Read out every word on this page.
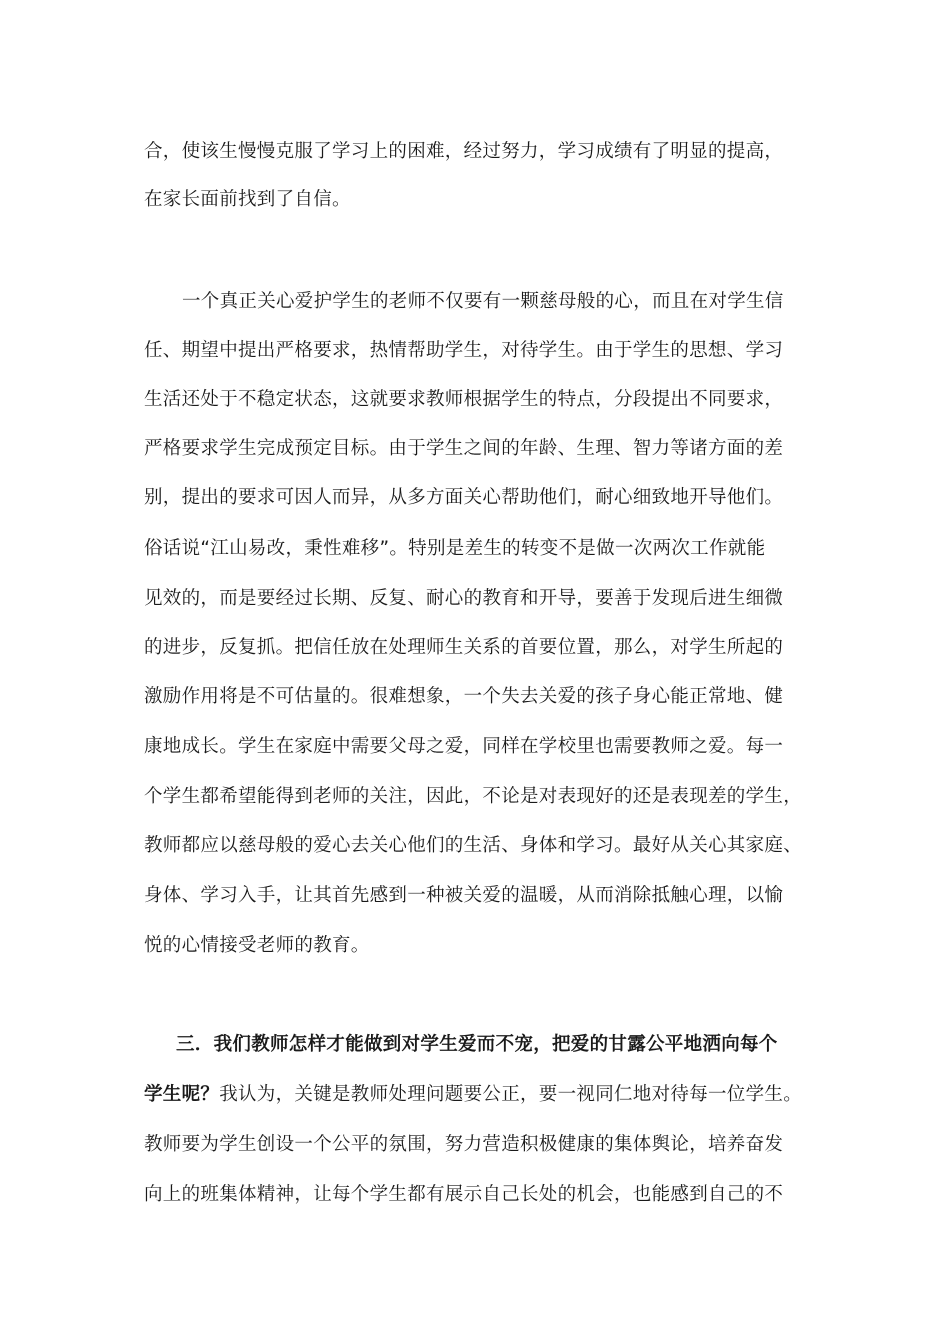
合，使该生慢慢克服了学习上的困难，经过努力，学习成绩有了明显的提高，
在家长面前找到了自信。
一个真正关心爱护学生的老师不仅要有一颗慈母般的心，而且在对学生信
任、期望中提出严格要求，热情帮助学生，对待学生。由于学生的思想、学习
生活还处于不稳定状态，这就要求教师根据学生的特点，分段提出不同要求，
严格要求学生完成预定目标。由于学生之间的年龄、生理、智力等诸方面的差
别，提出的要求可因人而异，从多方面关心帮助他们，耐心细致地开导他们。
俗话说“江山易改，秉性难移”。特别是差生的转变不是做一次两次工作就能
见效的，而是要经过长期、反复、耐心的教育和开导，要善于发现后进生细微
的进步，反复抓。把信任放在处理师生关系的首要位置，那么，对学生所起的
激励作用将是不可估量的。很难想象，一个失去关爱的孩子身心能正常地、健
康地成长。学生在家庭中需要父母之爱，同样在学校里也需要教师之爱。每一
个学生都希望能得到老师的关注，因此，不论是对表现好的还是表现差的学生，
教师都应以慈母般的爱心去关心他们的生活、身体和学习。最好从关心其家庭、
身体、学习入手，让其首先感到一种被关爱的温暖，从而消除抵触心理，以愉
悦的心情接受老师的教育。
三．我们教师怎样才能做到对学生爱而不宠，把爱的甘露公平地洒向每个
学生呢？我认为，关键是教师处理问题要公正，要一视同仁地对待每一位学生。
教师要为学生创设一个公平的氛围，努力营造积极健康的集体舆论，培养奋发
向上的班集体精神，让每个学生都有展示自己长处的机会，也能感到自己的不
